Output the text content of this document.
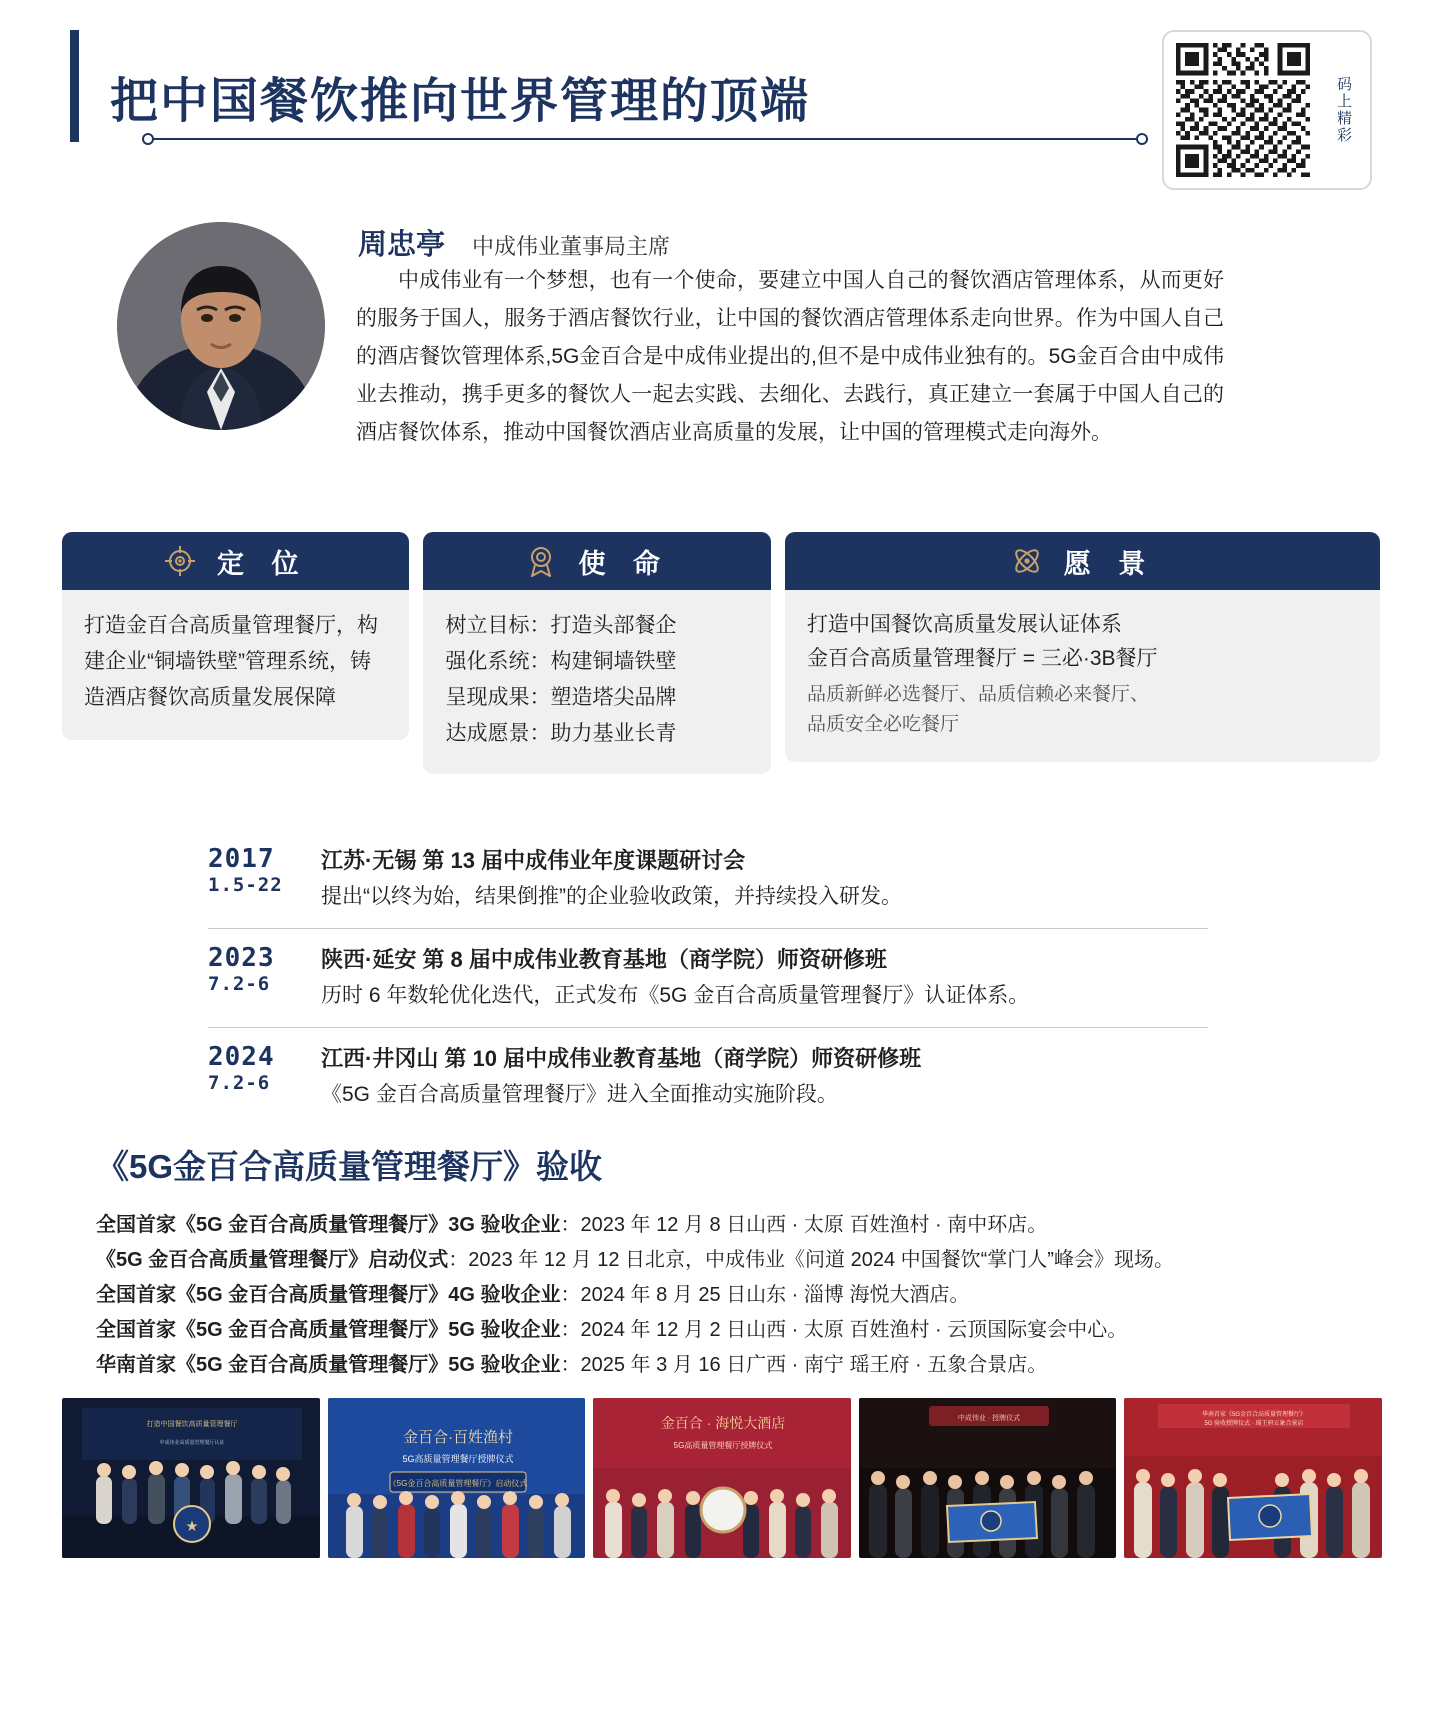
把中国餐饮推向世界管理的顶端	码上精彩
周忠亭 中成伟业董事局主席
中成伟业有一个梦想，也有一个使命，要建立中国人自己的餐饮酒店管理体系，从而更好的服务于国人，服务于酒店餐饮行业，让中国的餐饮酒店管理体系走向世界。作为中国人自己的酒店餐饮管理体系,5G金百合是中成伟业提出的,但不是中成伟业独有的。5G金百合由中成伟业去推动，携手更多的餐饮人一起去实践、去细化、去践行，真正建立一套属于中国人自己的酒店餐饮体系，推动中国餐饮酒店业高质量的发展，让中国的管理模式走向海外。
定 位
打造金百合高质量管理餐厅，构建企业“铜墙铁壁”管理系统，铸造酒店餐饮高质量发展保障
使 命
树立目标： 打造头部餐企
强化系统： 构建铜墙铁壁
呈现成果： 塑造塔尖品牌
达成愿景： 助力基业长青
愿 景
打造中国餐饮高质量发展认证体系
金百合高质量管理餐厅 = 三必·3B餐厅
品质新鲜必选餐厅、品质信赖必来餐厅、
品质安全必吃餐厅
2017
1.5-22
江苏·无锡 第 13 届中成伟业年度课题研讨会
提出“以终为始，结果倒推”的企业验收政策，并持续投入研发。
2023
7.2-6
陕西·延安 第 8 届中成伟业教育基地（商学院）师资研修班
历时 6 年数轮优化迭代，正式发布《5G 金百合高质量管理餐厅》认证体系。
2024
7.2-6
江西·井冈山 第 10 届中成伟业教育基地（商学院）师资研修班
《5G 金百合高质量管理餐厅》进入全面推动实施阶段。
《5G金百合高质量管理餐厅》验收
全国首家《5G 金百合高质量管理餐厅》3G 验收企业：2023 年 12 月 8 日山西 · 太原 百姓渔村 · 南中环店。
《5G 金百合高质量管理餐厅》启动仪式：2023 年 12 月 12 日北京，中成伟业《问道 2024 中国餐饮“掌门人”峰会》现场。
全国首家《5G 金百合高质量管理餐厅》4G 验收企业：2024 年 8 月 25 日山东 · 淄博 海悦大酒店。
全国首家《5G 金百合高质量管理餐厅》5G 验收企业：2024 年 12 月 2 日山西 · 太原 百姓渔村 · 云顶国际宴会中心。
华南首家《5G 金百合高质量管理餐厅》5G 验收企业：2025 年 3 月 16 日广西 · 南宁 瑶王府 · 五象合景店。
打造中国餐饮高质量管理餐厅
中成伟业高质量管理餐厅认证
★
金百合·百姓渔村
5G高质量管理餐厅授牌仪式
《5G金百合高质量管理餐厅》启动仪式
金百合 · 海悦大酒店
5G高质量管理餐厅授牌仪式
中成伟业 · 授牌仪式	华南首家《5G金百合高质量管理餐厅》
5G 验收授牌仪式 · 瑶王府五象合景店
